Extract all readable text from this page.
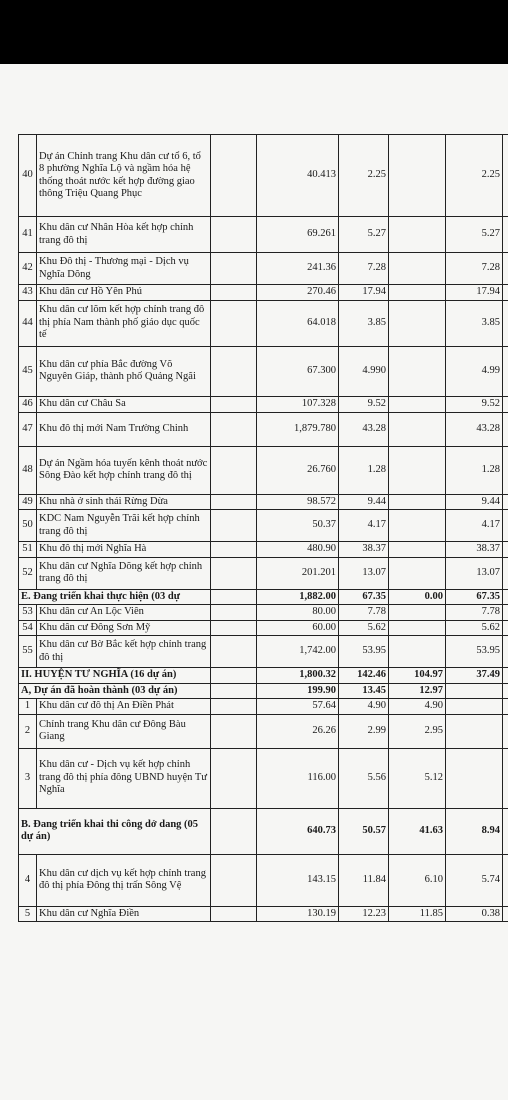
40	Dự án Chỉnh trang Khu dân cư tổ 6, tổ 8 phường Nghĩa Lộ và ngầm hóa hệ thống thoát nước kết hợp đường giao thông Triệu Quang Phục		40.413	2.25		2.25	
41	Khu dân cư Nhân Hòa kết hợp chỉnh trang đô thị		69.261	5.27		5.27	
42	Khu Đô thị - Thương mại - Dịch vụ Nghĩa Dõng		241.36	7.28		7.28	
43	Khu dân cư Hồ Yên Phú		270.46	17.94		17.94	
44	Khu dân cư lõm kết hợp chỉnh trang đô thị phía Nam thành phố giáo dục quốc tế		64.018	3.85		3.85	
45	Khu dân cư phía Bắc đường Võ Nguyên Giáp, thành phố Quảng Ngãi		67.300	4.990		4.99	
46	Khu dân cư Châu Sa		107.328	9.52		9.52	
47	Khu đô thị mới Nam Trường Chinh		1,879.780	43.28		43.28	
48	Dự án Ngầm hóa tuyến kênh thoát nước Sông Đào kết hợp chỉnh trang đô thị		26.760	1.28		1.28	
49	Khu nhà ở sinh thái Rừng Dừa		98.572	9.44		9.44	
50	KDC Nam Nguyễn Trãi kết hợp chỉnh trang đô thị		50.37	4.17		4.17	
51	Khu đô thị mới Nghĩa Hà		480.90	38.37		38.37	
52	Khu dân cư Nghĩa Dõng kết hợp chỉnh trang đô thị		201.201	13.07		13.07	
E. Đang triển khai thực hiện (03 dự			1,882.00	67.35	0.00	67.35	
53	Khu dân cư An Lộc Viên		80.00	7.78		7.78	
54	Khu dân cư Đông Sơn Mỹ		60.00	5.62		5.62	
55	Khu dân cư Bờ Bắc kết hợp chỉnh trang đô thị		1,742.00	53.95		53.95	
II. HUYỆN TƯ NGHĨA (16 dự án)			1,800.32	142.46	104.97	37.49	
A, Dự án đã hoàn thành (03 dự án)			199.90	13.45	12.97		
1	Khu dân cư đô thị An Điền Phát		57.64	4.90	4.90		
2	Chỉnh trang Khu dân cư Đông Bàu Giang		26.26	2.99	2.95		
3	Khu dân cư - Dịch vụ kết hợp chỉnh trang đô thị phía đông UBND huyện Tư Nghĩa		116.00	5.56	5.12		
B. Đang triển khai thi công dở dang (05 dự án)			640.73	50.57	41.63	8.94	
4	Khu dân cư dịch vụ kết hợp chỉnh trang đô thị phía Đông thị trấn Sông Vệ		143.15	11.84	6.10	5.74	
5	Khu dân cư Nghĩa Điền		130.19	12.23	11.85	0.38	
